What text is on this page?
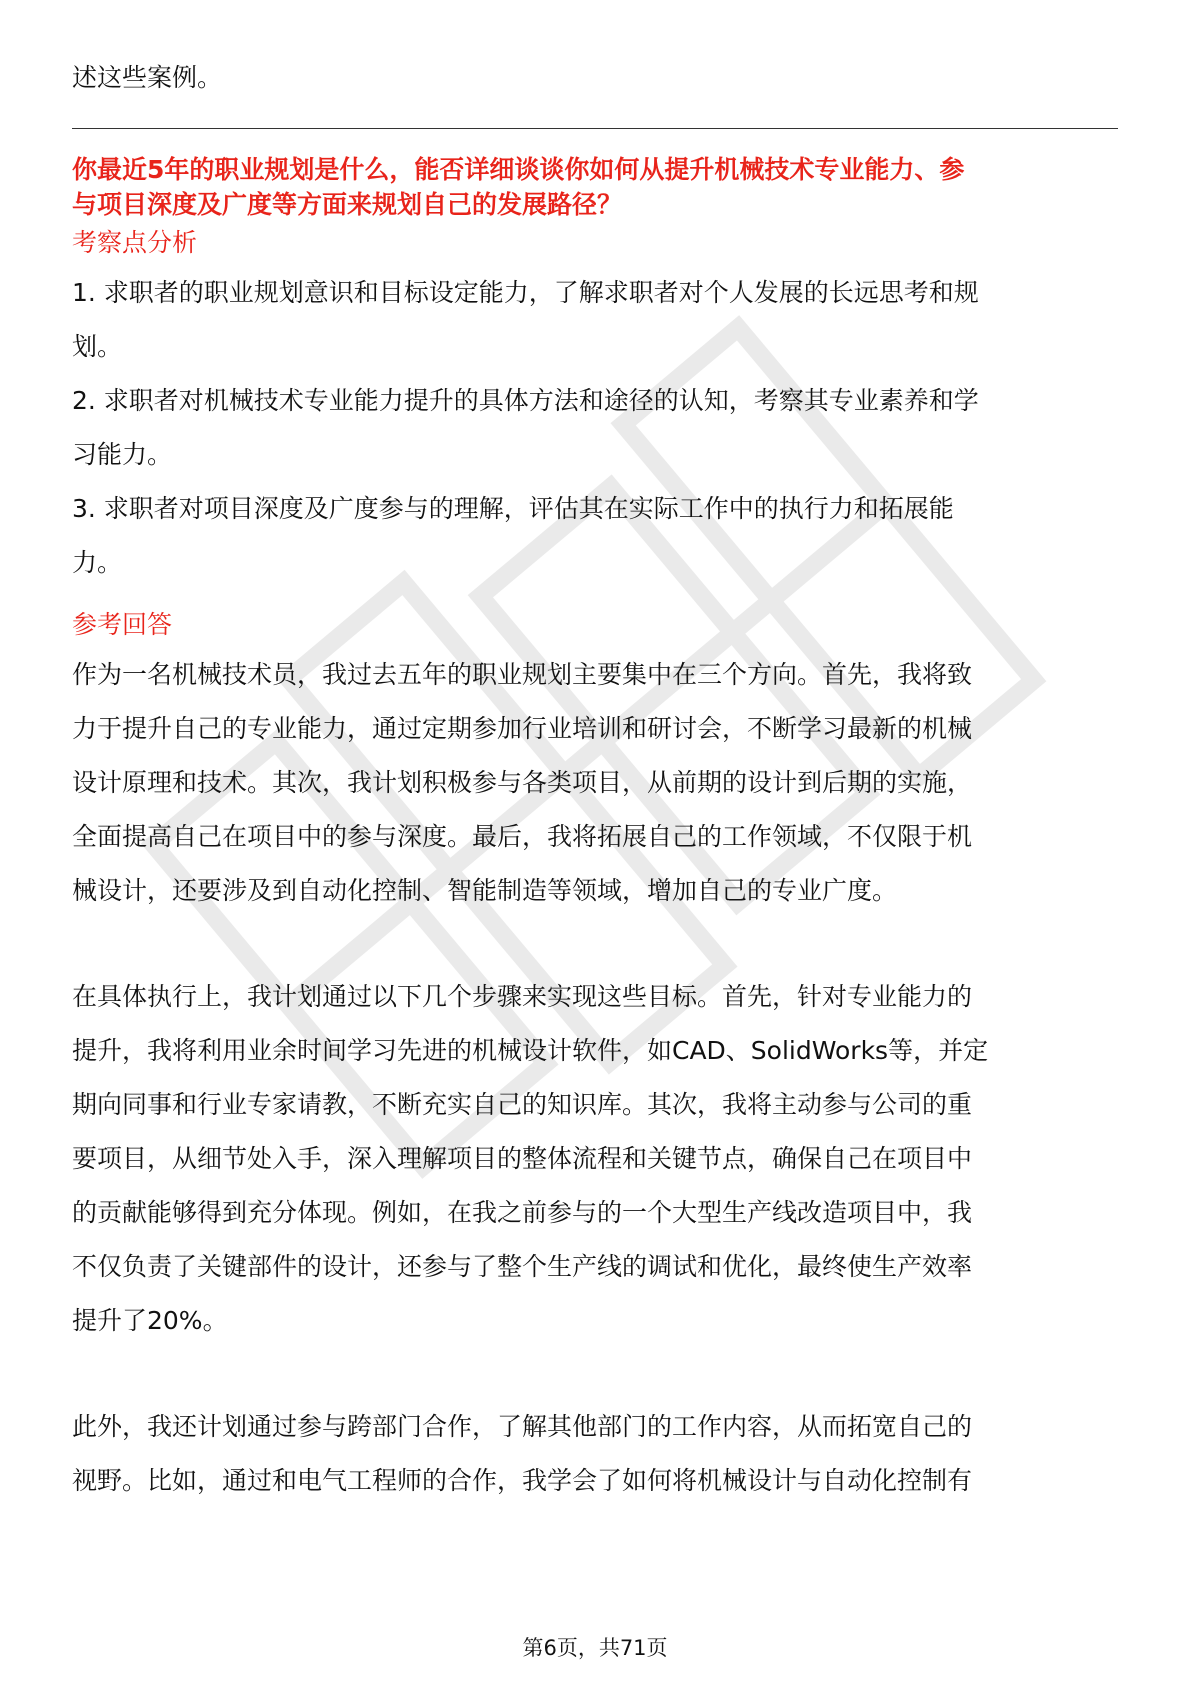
述这些案例。
你最近5年的职业规划是什么，能否详细谈谈你如何从提升机械技术专业能力、参
与项目深度及广度等方面来规划自己的发展路径？
考察点分析
1. 求职者的职业规划意识和目标设定能力，了解求职者对个人发展的长远思考和规
划。
2. 求职者对机械技术专业能力提升的具体方法和途径的认知，考察其专业素养和学
习能力。
3. 求职者对项目深度及广度参与的理解，评估其在实际工作中的执行力和拓展能
力。
参考回答
作为一名机械技术员，我过去五年的职业规划主要集中在三个方向。首先，我将致
力于提升自己的专业能力，通过定期参加行业培训和研讨会，不断学习最新的机械
设计原理和技术。其次，我计划积极参与各类项目，从前期的设计到后期的实施，
全面提高自己在项目中的参与深度。最后，我将拓展自己的工作领域，不仅限于机
械设计，还要涉及到自动化控制、智能制造等领域，增加自己的专业广度。
在具体执行上，我计划通过以下几个步骤来实现这些目标。首先，针对专业能力的
提升，我将利用业余时间学习先进的机械设计软件，如CAD、SolidWorks等，并定
期向同事和行业专家请教，不断充实自己的知识库。其次，我将主动参与公司的重
要项目，从细节处入手，深入理解项目的整体流程和关键节点，确保自己在项目中
的贡献能够得到充分体现。例如，在我之前参与的一个大型生产线改造项目中，我
不仅负责了关键部件的设计，还参与了整个生产线的调试和优化，最终使生产效率
提升了20%。
此外，我还计划通过参与跨部门合作，了解其他部门的工作内容，从而拓宽自己的
视野。比如，通过和电气工程师的合作，我学会了如何将机械设计与自动化控制有
第6页，共71页
